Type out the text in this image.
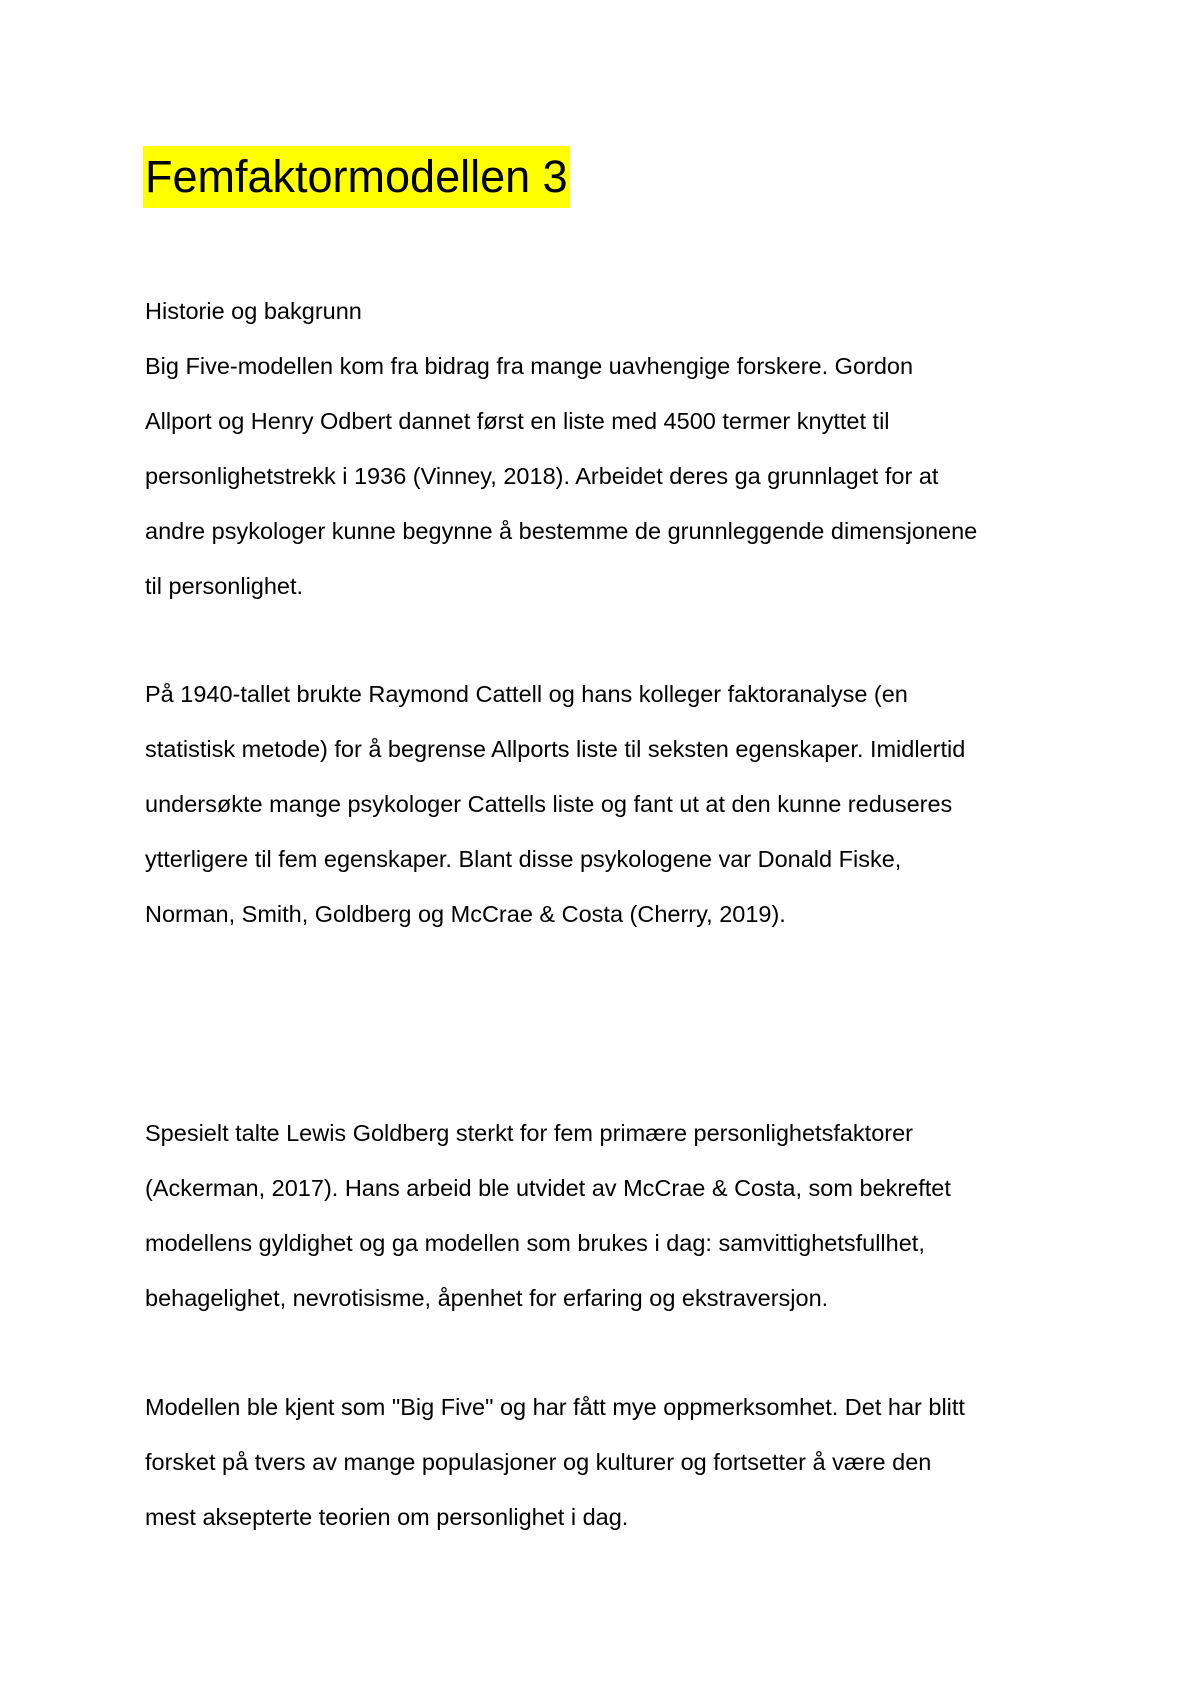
Femfaktormodellen 3

Historie og bakgrunn

Big Five-modellen kom fra bidrag fra mange uavhengige forskere. Gordon
Allport og Henry Odbert dannet først en liste med 4500 termer knyttet til
personlighetstrekk i 1936 (Vinney, 2018). Arbeidet deres ga grunnlaget for at
andre psykologer kunne begynne å bestemme de grunnleggende dimensjonene
til personlighet.

På 1940-tallet brukte Raymond Cattell og hans kolleger faktoranalyse (en
statistisk metode) for å begrense Allports liste til seksten egenskaper. Imidlertid
undersøkte mange psykologer Cattells liste og fant ut at den kunne reduseres
ytterligere til fem egenskaper. Blant disse psykologene var Donald Fiske,
Norman, Smith, Goldberg og McCrae & Costa (Cherry, 2019).

Spesielt talte Lewis Goldberg sterkt for fem primære personlighetsfaktorer
(Ackerman, 2017). Hans arbeid ble utvidet av McCrae & Costa, som bekreftet
modellens gyldighet og ga modellen som brukes i dag: samvittighetsfullhet,
behagelighet, nevrotisisme, åpenhet for erfaring og ekstraversjon.

Modellen ble kjent som "Big Five" og har fått mye oppmerksomhet. Det har blitt
forsket på tvers av mange populasjoner og kulturer og fortsetter å være den
mest aksepterte teorien om personlighet i dag.
